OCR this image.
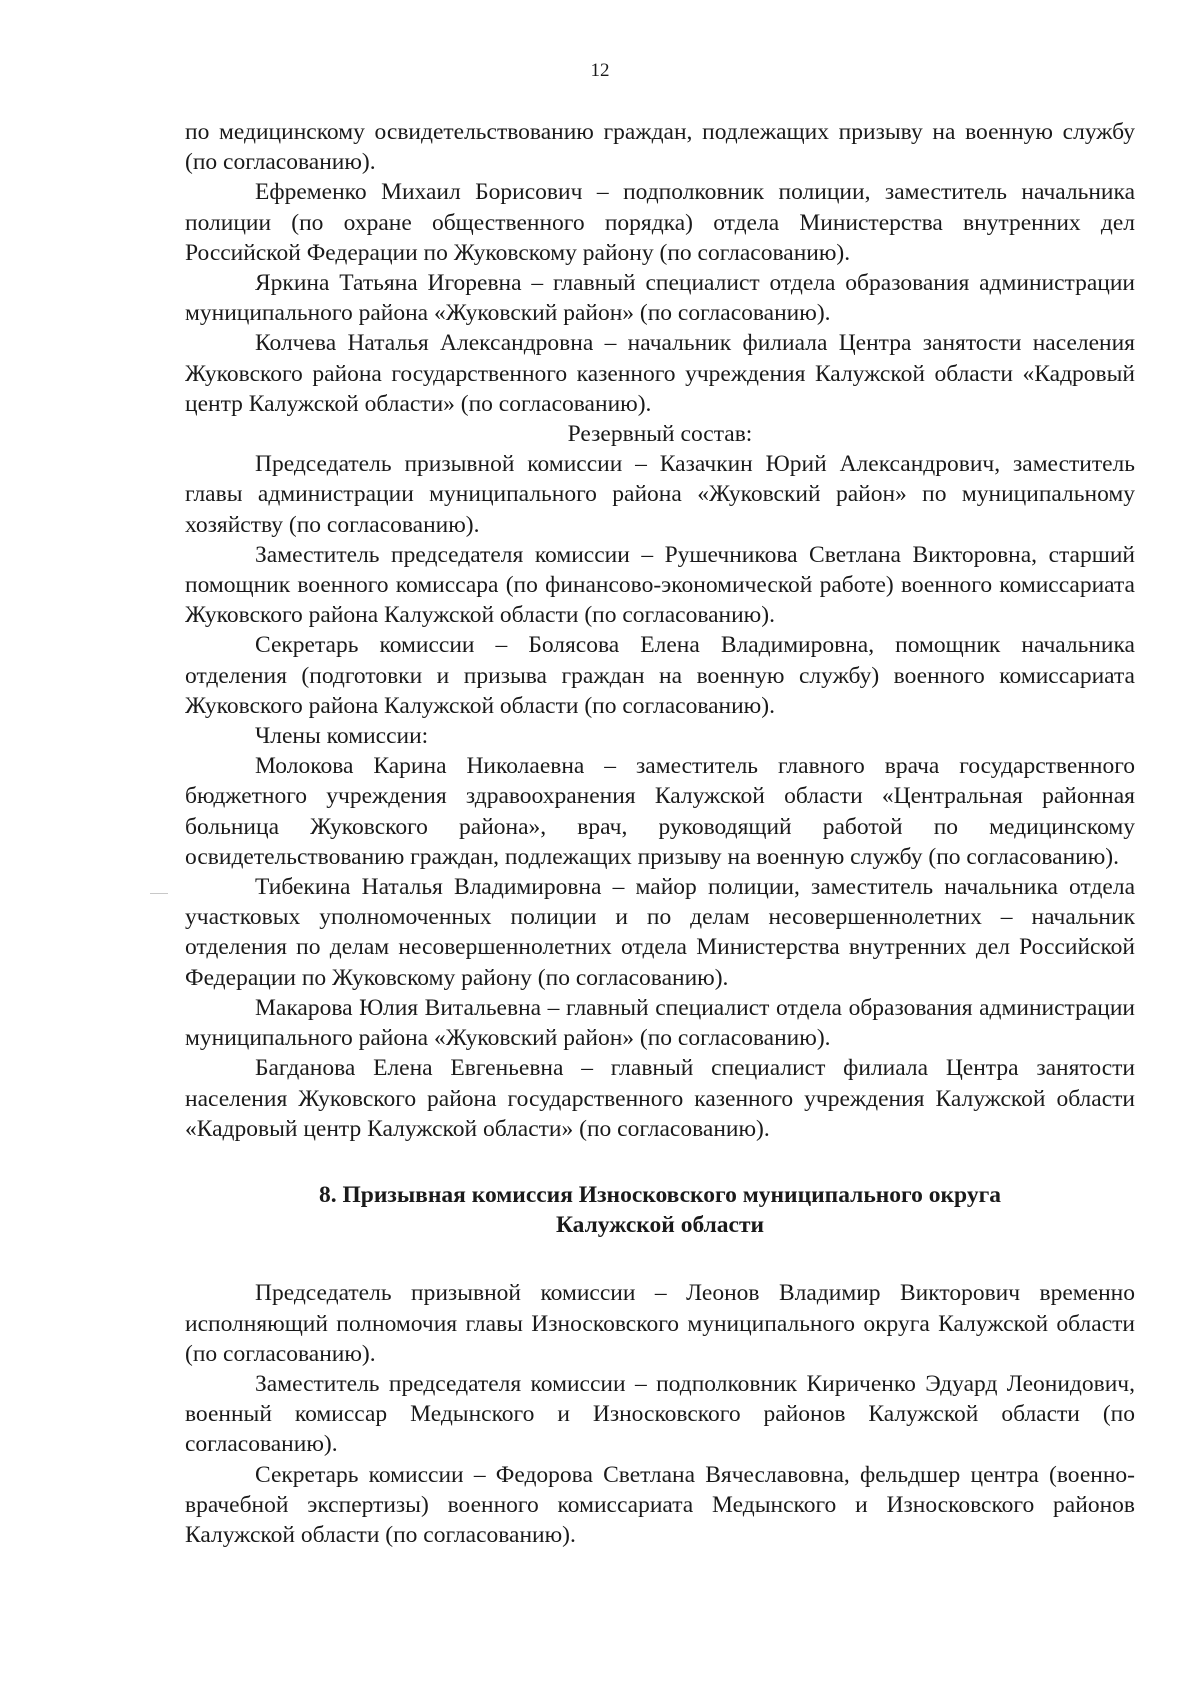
12

по медицинскому освидетельствованию граждан, подлежащих призыву на военную службу (по согласованию).

Ефременко Михаил Борисович – подполковник полиции, заместитель начальника полиции (по охране общественного порядка) отдела Министерства внутренних дел Российской Федерации по Жуковскому району (по согласованию).

Яркина Татьяна Игоревна – главный специалист отдела образования администрации муниципального района «Жуковский район» (по согласованию).

Колчева Наталья Александровна – начальник филиала Центра занятости населения Жуковского района государственного казенного учреждения Калужской области «Кадровый центр Калужской области» (по согласованию).

Резервный состав:

Председатель призывной комиссии – Казачкин Юрий Александрович, заместитель главы администрации муниципального района «Жуковский район» по муниципальному хозяйству (по согласованию).

Заместитель председателя комиссии – Рушечникова Светлана Викторовна, старший помощник военного комиссара (по финансово-экономической работе) военного комиссариата Жуковского района Калужской области (по согласованию).

Секретарь комиссии – Болясова Елена Владимировна, помощник начальника отделения (подготовки и призыва граждан на военную службу) военного комиссариата Жуковского района Калужской области (по согласованию).

Члены комиссии:

Молокова Карина Николаевна – заместитель главного врача государственного бюджетного учреждения здравоохранения Калужской области «Центральная районная больница Жуковского района», врач, руководящий работой по медицинскому освидетельствованию граждан, подлежащих призыву на военную службу (по согласованию).

Тибекина Наталья Владимировна – майор полиции, заместитель начальника отдела участковых уполномоченных полиции и по делам несовершеннолетних – начальник отделения по делам несовершеннолетних отдела Министерства внутренних дел Российской Федерации по Жуковскому району (по согласованию).

Макарова Юлия Витальевна – главный специалист отдела образования администрации муниципального района «Жуковский район» (по согласованию).

Багданова Елена Евгеньевна – главный специалист филиала Центра занятости населения Жуковского района государственного казенного учреждения Калужской области «Кадровый центр Калужской области» (по согласованию).

8. Призывная комиссия Износковского муниципального округа
Калужской области

Председатель призывной комиссии – Леонов Владимир Викторович временно исполняющий полномочия главы Износковского муниципального округа Калужской области (по согласованию).

Заместитель председателя комиссии – подполковник Кириченко Эдуард Леонидович, военный комиссар Медынского и Износковского районов Калужской области (по согласованию).

Секретарь комиссии – Федорова Светлана Вячеславовна, фельдшер центра (военно-врачебной экспертизы) военного комиссариата Медынского и Износковского районов Калужской области (по согласованию).
